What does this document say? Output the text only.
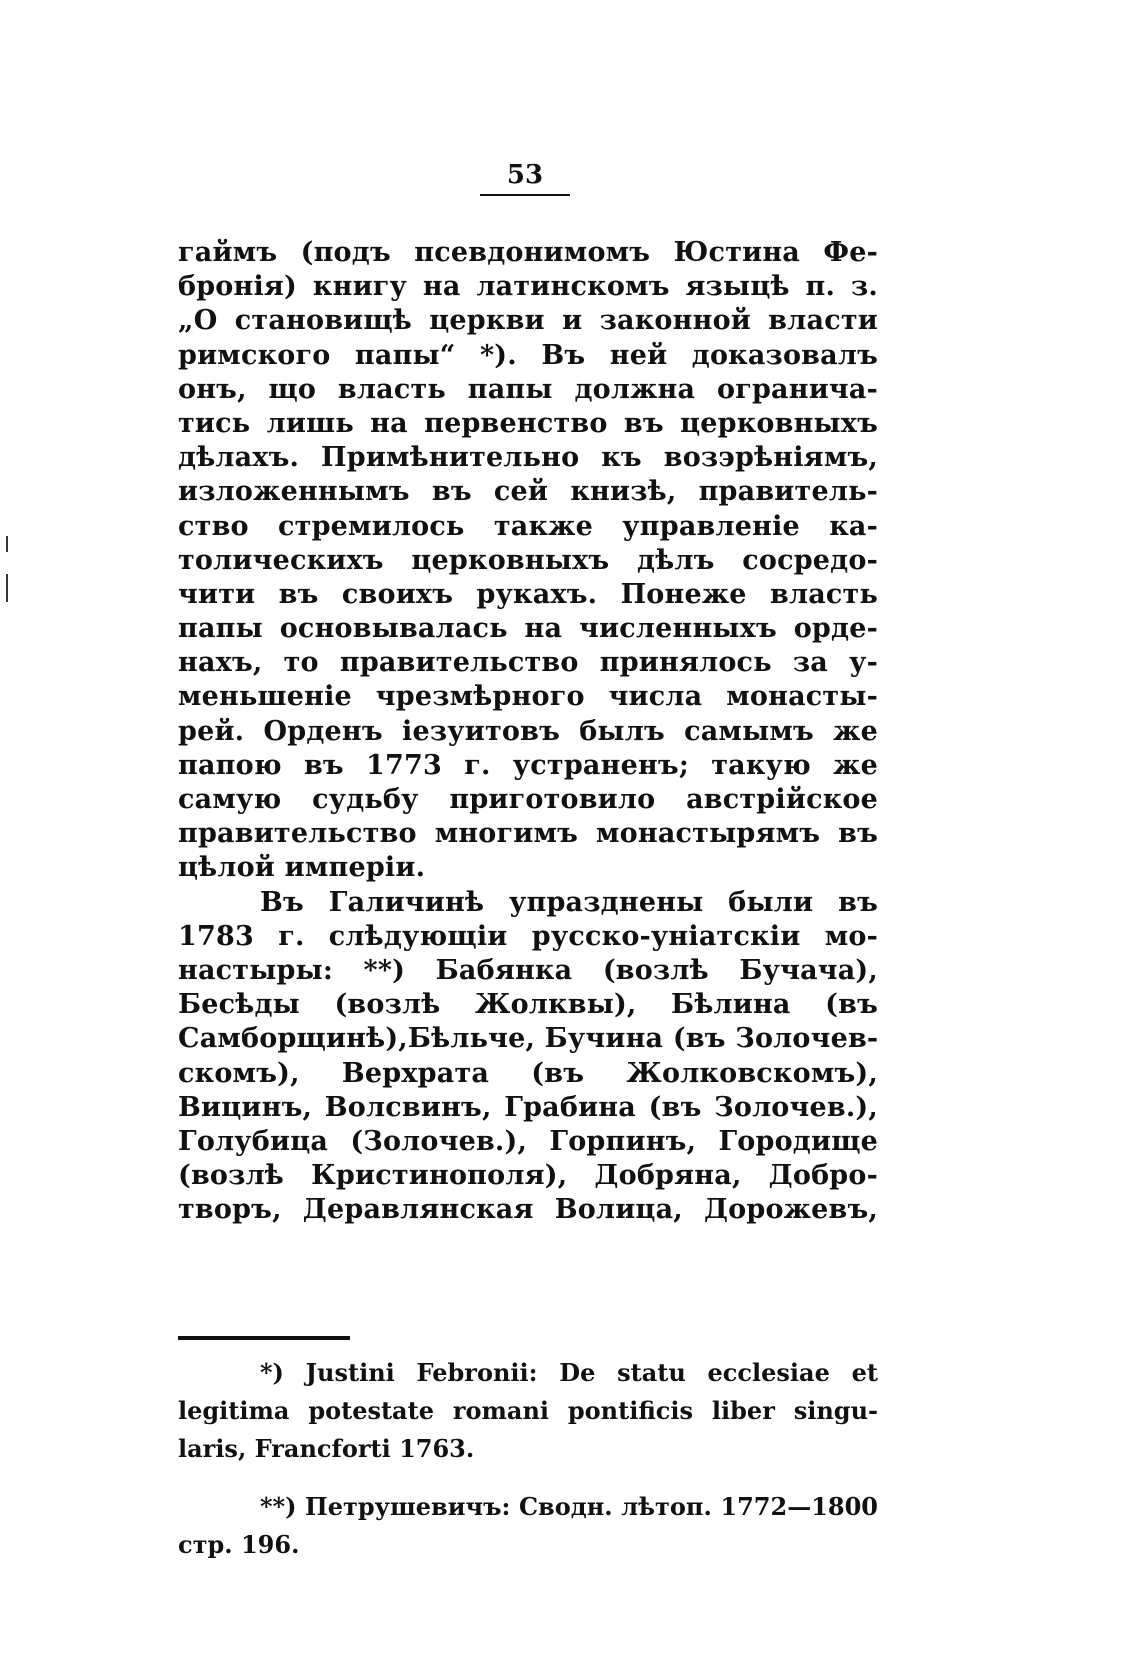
53
гаймъ (подъ псевдонимомъ Юстина Фе-
бронія) книгу на латинскомъ языцѣ п. з.
„О становищѣ церкви и законной власти
римского папы“ *). Въ ней доказовалъ
онъ, що власть папы должна ограничa-
тись лишь на первенство въ церковныхъ
дѣлахъ. Примѣнительно къ возэрѣніямъ,
изложеннымъ въ сей книзѣ, правитель-
ство стремилось также управленіе ка-
толическихъ церковныхъ дѣлъ сосредо-
чити въ своихъ рукахъ. Понеже власть
папы основывалась на численныхъ орде-
нахъ, то правительство принялось за у-
меньшеніе чрезмѣрного числа монасты-
рей. Орденъ іезуитовъ былъ самымъ же
папою въ 1773 г. устраненъ; такую же
самую судьбу приготовило австрійское
правительство многимъ монастырямъ въ
цѣлой имперіи.
Въ Галичинѣ упразднены были въ
1783 г. слѣдующіи русско-уніатскіи мо-
настыры: **) Бабянка (возлѣ Бучача),
Бесѣды (возлѣ Жолквы), Бѣлина (въ
Самборщинѣ),Бѣльче, Бучина (въ Золочев-
скомъ), Верхрата (въ Жолковскомъ),
Вицинъ, Волсвинъ, Грабина (въ Золочев.),
Голубица (Золочев.), Горпинъ, Городище
(возлѣ Кристинополя), Добряна, Добро-
творъ, Деравлянская Волица, Дорожевъ,
*) Justini Febronii: De statu ecclesiae et
legitima potestate romani pontificis liber singu-
laris, Francforti 1763.
**) Петрушевичъ: Сводн. лѣтоп. 1772—1800
стр. 196.
